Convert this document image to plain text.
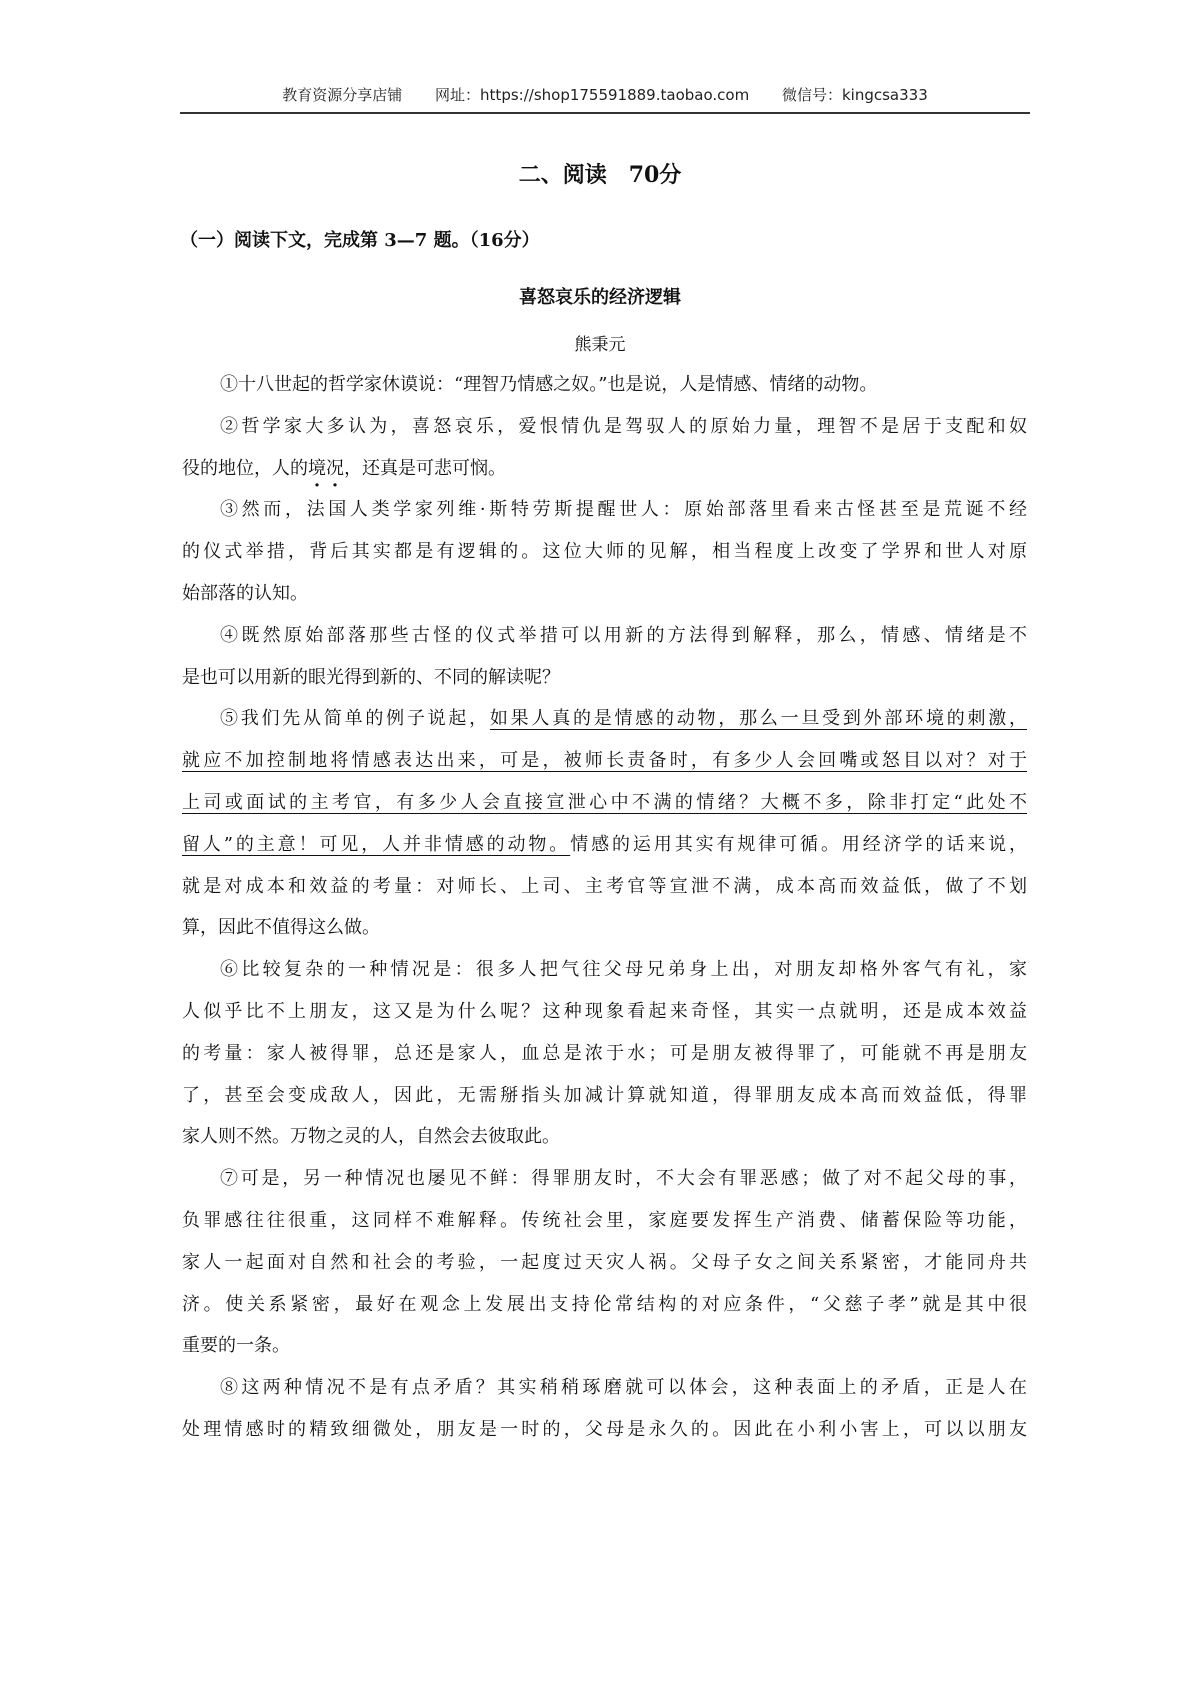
教育资源分享店铺 网址：https://shop175591889.taobao.com 微信号：kingcsa333
二、阅读　70分
（一）阅读下文，完成第 3—7 题。（16分）
喜怒哀乐的经济逻辑
熊秉元
①十八世起的哲学家休谟说：“理智乃情感之奴。”也是说，人是情感、情绪的动物。
②哲学家大多认为，喜怒哀乐，爱恨情仇是驾驭人的原始力量，理智不是居于支配和奴
役的地位，人的境况，还真是可悲可悯。
③然而，法国人类学家列维·斯特劳斯提醒世人：原始部落里看来古怪甚至是荒诞不经
的仪式举措，背后其实都是有逻辑的。这位大师的见解，相当程度上改变了学界和世人对原
始部落的认知。
④既然原始部落那些古怪的仪式举措可以用新的方法得到解释，那么，情感、情绪是不
是也可以用新的眼光得到新的、不同的解读呢？
⑤我们先从简单的例子说起，如果人真的是情感的动物，那么一旦受到外部环境的刺激，
就应不加控制地将情感表达出来，可是，被师长责备时，有多少人会回嘴或怒目以对？对于
上司或面试的主考官，有多少人会直接宣泄心中不满的情绪？大概不多，除非打定“此处不
留人”的主意！可见，人并非情感的动物。情感的运用其实有规律可循。用经济学的话来说，
就是对成本和效益的考量：对师长、上司、主考官等宣泄不满，成本高而效益低，做了不划
算，因此不值得这么做。
⑥比较复杂的一种情况是：很多人把气往父母兄弟身上出，对朋友却格外客气有礼，家
人似乎比不上朋友，这又是为什么呢？这种现象看起来奇怪，其实一点就明，还是成本效益
的考量：家人被得罪，总还是家人，血总是浓于水；可是朋友被得罪了，可能就不再是朋友
了，甚至会变成敌人，因此，无需掰指头加减计算就知道，得罪朋友成本高而效益低，得罪
家人则不然。万物之灵的人，自然会去彼取此。
⑦可是，另一种情况也屡见不鲜：得罪朋友时，不大会有罪恶感；做了对不起父母的事，
负罪感往往很重，这同样不难解释。传统社会里，家庭要发挥生产消费、储蓄保险等功能，
家人一起面对自然和社会的考验，一起度过天灾人祸。父母子女之间关系紧密，才能同舟共
济。使关系紧密，最好在观念上发展出支持伦常结构的对应条件，“父慈子孝”就是其中很
重要的一条。
⑧这两种情况不是有点矛盾？其实稍稍琢磨就可以体会，这种表面上的矛盾，正是人在
处理情感时的精致细微处，朋友是一时的，父母是永久的。因此在小利小害上，可以以朋友
